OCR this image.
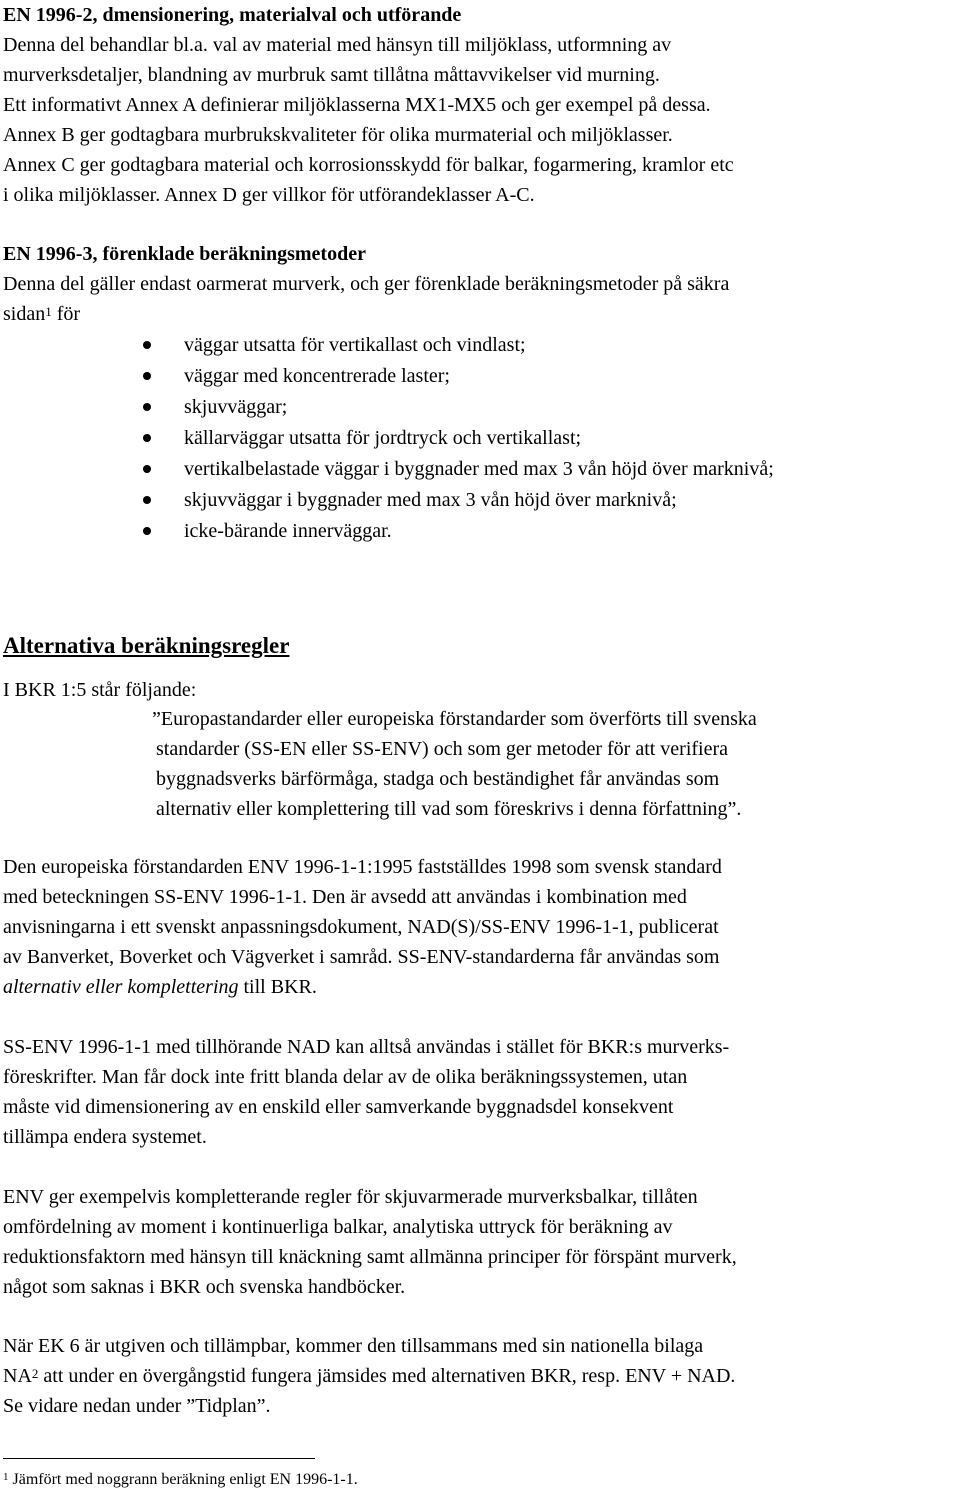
EN 1996-2, dmensionering, materialval och utförande

Denna del behandlar bl.a. val av material med hänsyn till miljöklass, utformning av

murverksdetaljer, blandning av murbruk samt tillåtna måttavvikelser vid murning.

Ett informativt Annex A definierar miljöklasserna MX1-MX5 och ger exempel på dessa.

Annex B ger godtagbara murbrukskvaliteter för olika murmaterial och miljöklasser.

Annex C ger godtagbara material och korrosionsskydd för balkar, fogarmering, kramlor etc

i olika miljöklasser. Annex D ger villkor för utförandeklasser A-C.

EN 1996-3, förenklade beräkningsmetoder

Denna del gäller endast oarmerat murverk, och ger förenklade beräkningsmetoder på säkra

sidan$^1$ för

väggar utsatta för vertikallast och vindlast;
väggar med koncentrerade laster;
skjuvväggar;
källarväggar utsatta för jordtryck och vertikallast;
vertikalbelastade väggar i byggnader med max 3 vån höjd över marknivå;
skjuvväggar i byggnader med max 3 vån höjd över marknivå;
icke-bärande innerväggar.
Alternativa beräkningsregler

I BKR 1:5 står följande:

”Europastandarder eller europeiska förstandarder som överförts till svenska

standarder (SS-EN eller SS-ENV) och som ger metoder för att verifiera

byggnadsverks bärförmåga, stadga och beständighet får användas som

alternativ eller komplettering till vad som föreskrivs i denna författning”.

Den europeiska förstandarden ENV 1996-1-1:1995 fastställdes 1998 som svensk standard

med beteckningen SS-ENV 1996-1-1. Den är avsedd att användas i kombination med

anvisningarna i ett svenskt anpassningsdokument, NAD(S)/SS-ENV 1996-1-1, publicerat

av Banverket, Boverket och Vägverket i samråd. SS-ENV-standarderna får användas som

alternativ eller komplettering till BKR.

SS-ENV 1996-1-1 med tillhörande NAD kan alltså användas i stället för BKR:s murverks-

föreskrifter. Man får dock inte fritt blanda delar av de olika beräkningssystemen, utan

måste vid dimensionering av en enskild eller samverkande byggnadsdel konsekvent

tillämpa endera systemet.

ENV ger exempelvis kompletterande regler för skjuvarmerade murverksbalkar, tillåten

omfördelning av moment i kontinuerliga balkar, analytiska uttryck för beräkning av

reduktionsfaktorn med hänsyn till knäckning samt allmänna principer för förspänt murverk,

något som saknas i BKR och svenska handböcker.

När EK 6 är utgiven och tillämpbar, kommer den tillsammans med sin nationella bilaga

$NA^2$ att under en övergångstid fungera jämsides med alternativen BKR, resp. ENV + NAD.

Se vidare nedan under ”Tidplan”.

$^1$ Jämfört med noggrann beräkning enligt EN 1996-1-1.
